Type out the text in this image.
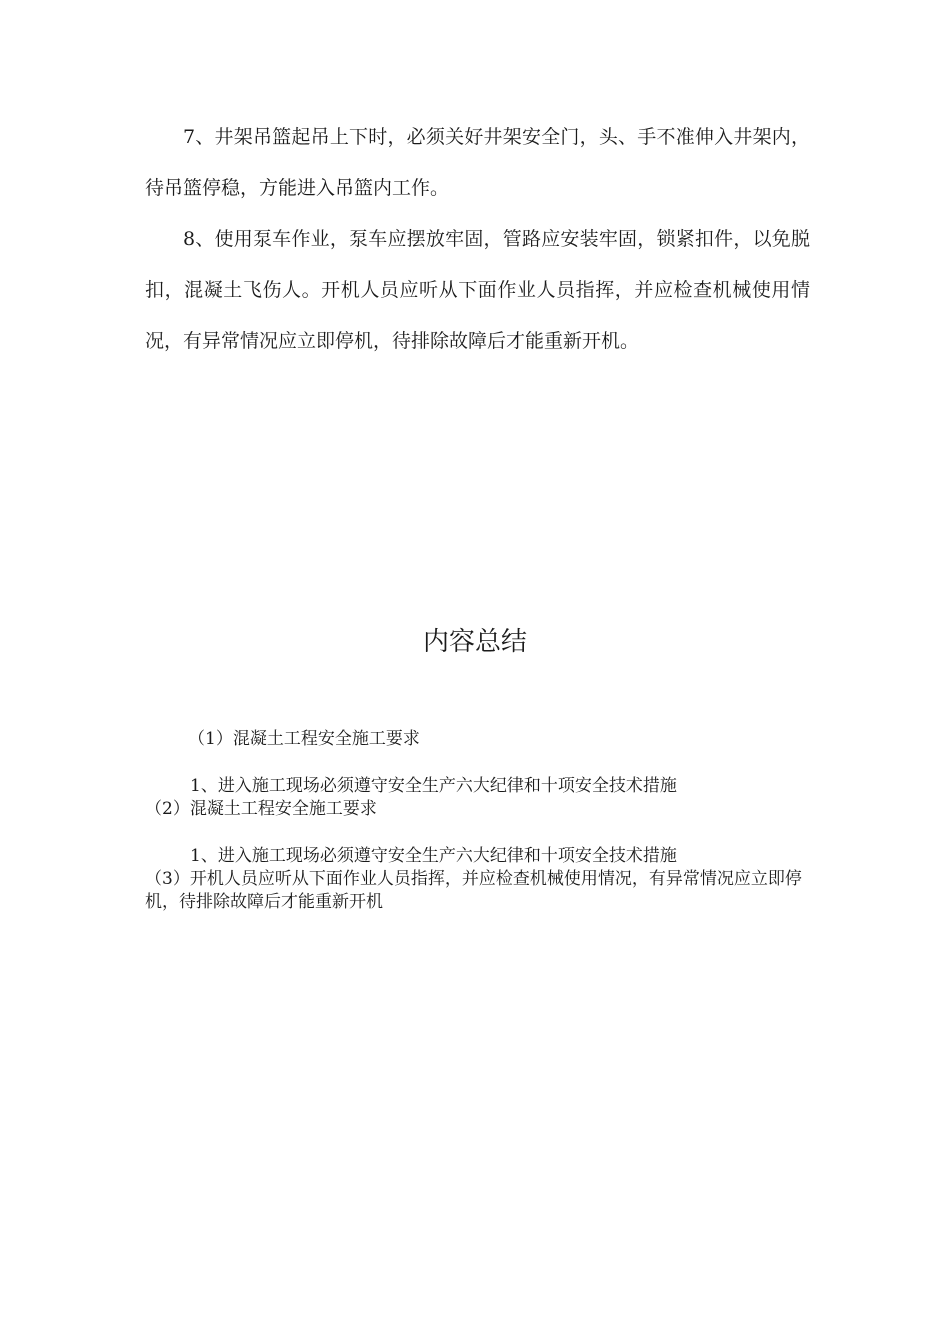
7、井架吊篮起吊上下时，必须关好井架安全门，头、手不准伸入井架内，待吊篮停稳，方能进入吊篮内工作。

8、使用泵车作业，泵车应摆放牢固，管路应安装牢固，锁紧扣件，以免脱扣，混凝土飞伤人。开机人员应听从下面作业人员指挥，并应检查机械使用情况，有异常情况应立即停机，待排除故障后才能重新开机。

内容总结

（1）混凝土工程安全施工要求

1、进入施工现场必须遵守安全生产六大纪律和十项安全技术措施
（2）混凝土工程安全施工要求

1、进入施工现场必须遵守安全生产六大纪律和十项安全技术措施
（3）开机人员应听从下面作业人员指挥，并应检查机械使用情况，有异常情况应立即停机，待排除故障后才能重新开机
